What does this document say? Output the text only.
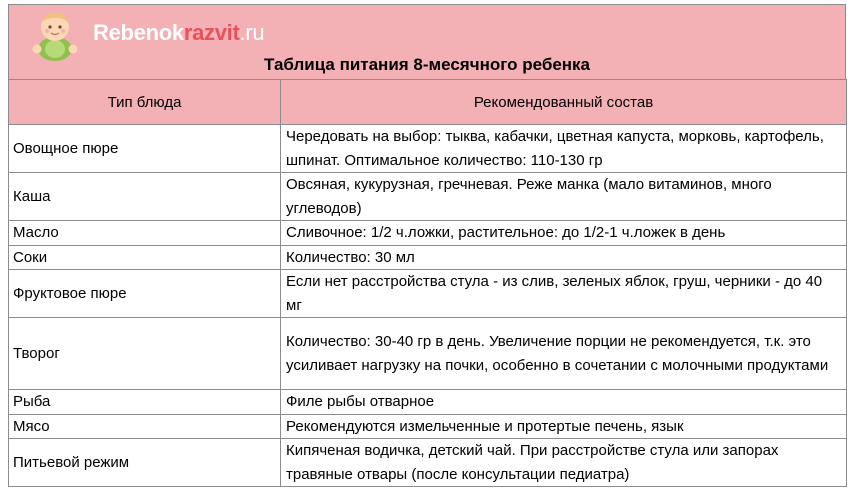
Rebenokrazvit.ru
Таблица питания 8-месячного ребенка
Тип блюда	Рекомендованный состав
Овощное пюре	Чередовать на выбор: тыква, кабачки, цветная капуста, морковь, картофель, шпинат. Оптимальное количество: 110-130 гр
Каша	Овсяная, кукурузная, гречневая. Реже манка (мало витаминов, много углеводов)
Масло	Сливочное: 1/2 ч.ложки, растительное: до 1/2-1 ч.ложек в день
Соки	Количество: 30 мл
Фруктовое пюре	Если нет расстройства стула - из слив, зеленых яблок, груш, черники - до 40 мг
Творог	Количество: 30-40 гр в день. Увеличение порции не рекомендуется, т.к. это усиливает нагрузку на почки, особенно в сочетании с молочными продуктами
Рыба	Филе рыбы отварное
Мясо	Рекомендуются измельченные и протертые печень, язык
Питьевой режим	Кипяченая водичка, детский чай. При расстройстве стула или запорах травяные отвары (после консультации педиатра)
